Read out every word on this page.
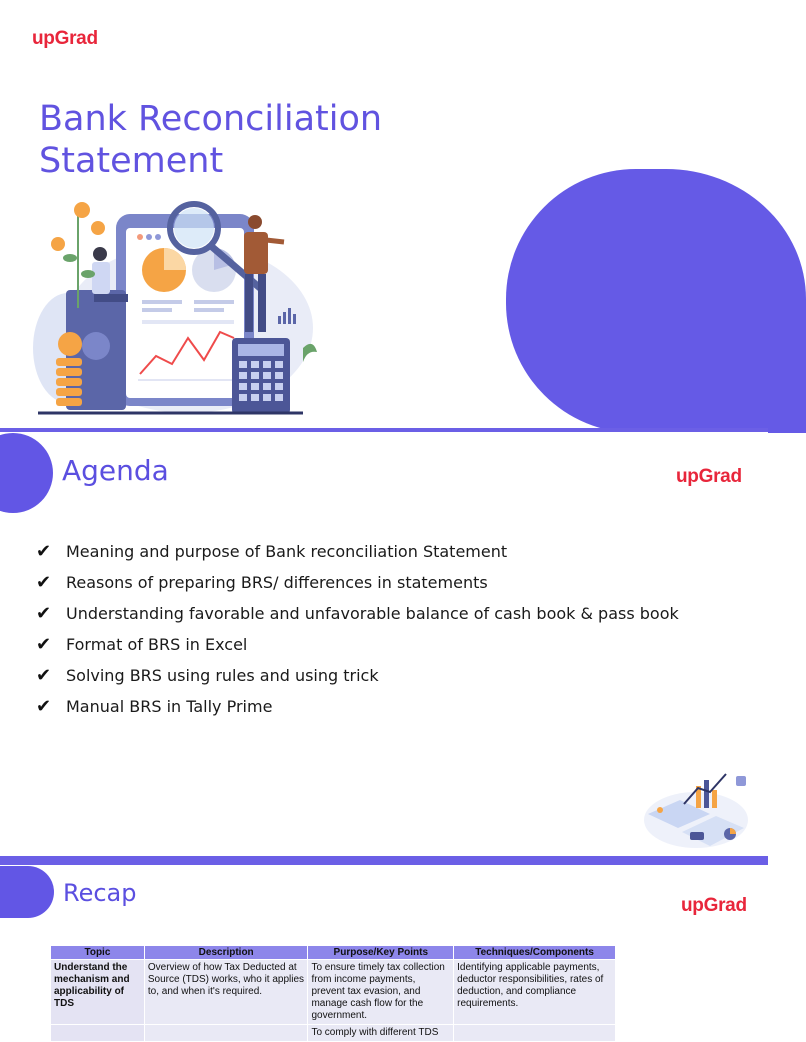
upGrad
Bank Reconciliation
Statement
Agenda	upGrad
✔ Meaning and purpose of Bank reconciliation Statement
✔ Reasons of preparing BRS/ differences in statements
✔ Understanding favorable and unfavorable balance of cash book & pass book
✔ Format of BRS in Excel
✔ Solving BRS using rules and using trick
✔ Manual BRS in Tally Prime
Recap	upGrad
Topic	Description	Purpose/Key Points	Techniques/Components
Understand the mechanism and applicability of TDS	Overview of how Tax Deducted at Source (TDS) works, who it applies to, and when it's required.	To ensure timely tax collection from income payments, prevent tax evasion, and manage cash flow for the government.	Identifying applicable payments, deductor responsibilities, rates of deduction, and compliance requirements.
		To comply with different TDS	
